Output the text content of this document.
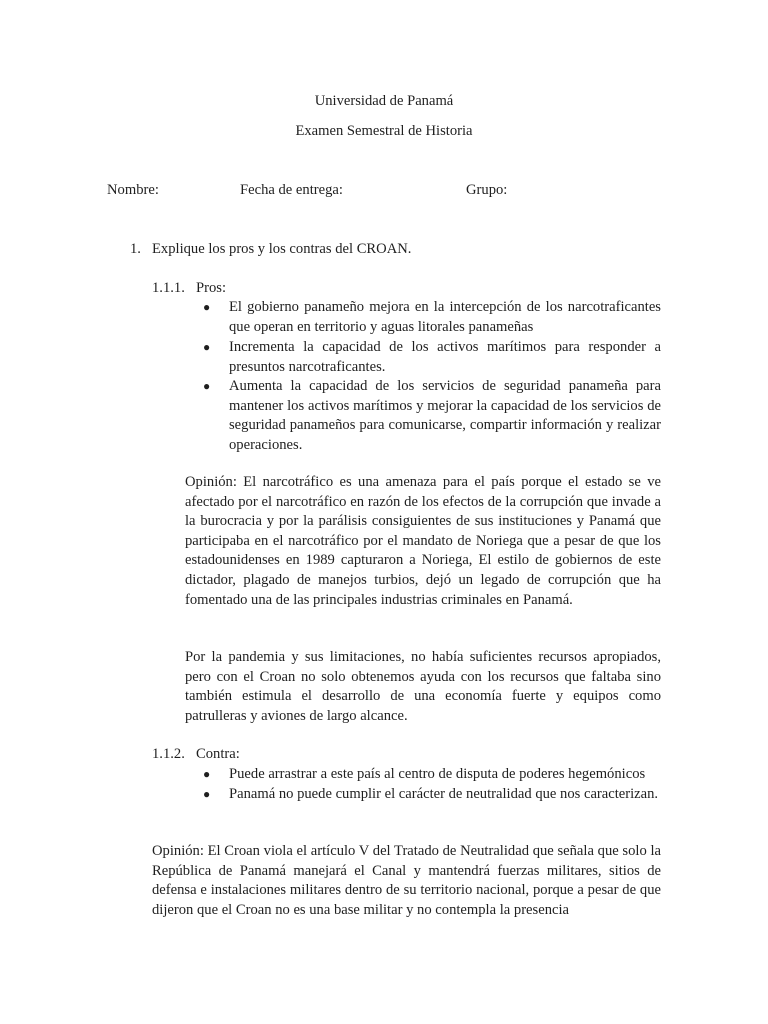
Universidad de Panamá
Examen Semestral de Historia
Nombre:	Fecha de entrega:	Grupo:
1. Explique los pros y los contras del CROAN.
1.1.1. Pros:
● El gobierno panameño mejora en la intercepción de los narcotraficantes que operan en territorio y aguas litorales panameñas
● Incrementa la capacidad de los activos marítimos para responder a presuntos narcotraficantes.
● Aumenta la capacidad de los servicios de seguridad panameña para mantener los activos marítimos y mejorar la capacidad de los servicios de seguridad panameños para comunicarse, compartir información y realizar operaciones.
Opinión: El narcotráfico es una amenaza para el país porque el estado se ve afectado por el narcotráfico en razón de los efectos de la corrupción que invade a la burocracia y por la parálisis consiguientes de sus instituciones y Panamá que participaba en el narcotráfico por el mandato de Noriega que a pesar de que los estadounidenses en 1989 capturaron a Noriega, El estilo de gobiernos de este dictador, plagado de manejos turbios, dejó un legado de corrupción que ha fomentado una de las principales industrias criminales en Panamá.
Por la pandemia y sus limitaciones, no había suficientes recursos apropiados, pero con el Croan no solo obtenemos ayuda con los recursos que faltaba sino también estimula el desarrollo de una economía fuerte y equipos como patrulleras y aviones de largo alcance.
1.1.2. Contra:
● Puede arrastrar a este país al centro de disputa de poderes hegemónicos
● Panamá no puede cumplir el carácter de neutralidad que nos caracterizan.
Opinión: El Croan viola el artículo V del Tratado de Neutralidad que señala que solo la República de Panamá manejará el Canal y mantendrá fuerzas militares, sitios de defensa e instalaciones militares dentro de su territorio nacional, porque a pesar de que dijeron que el Croan no es una base militar y no contempla la presencia
